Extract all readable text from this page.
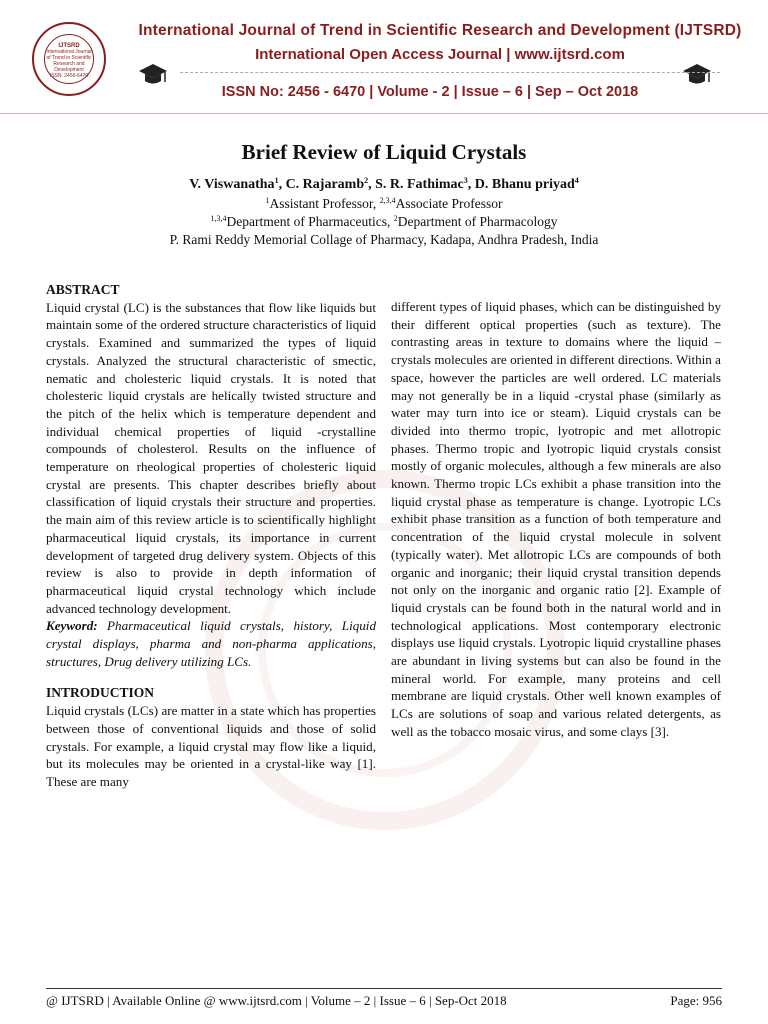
IJTSRD
International Journal of Trend in Scientific Research and Development
ISSN: 2456-6470
International Journal of Trend in Scientific Research and Development (IJTSRD)
International Open Access Journal | www.ijtsrd.com
ISSN No: 2456 - 6470 | Volume - 2 | Issue – 6 | Sep – Oct 2018
Brief Review of Liquid Crystals
V. Viswanatha$^1$, C. Rajaramb$^2$, S. R. Fathimac$^3$, D. Bhanu priyad$^4$
$^1$Assistant Professor, $^{2,3,4}$Associate Professor
$^{1,3,4}$Department of Pharmaceutics, $^2$Department of Pharmacology
P. Rami Reddy Memorial Collage of Pharmacy, Kadapa, Andhra Pradesh, India

ABSTRACT

Liquid crystal (LC) is the substances that flow like liquids but maintain some of the ordered structure characteristics of liquid crystals. Examined and summarized the types of liquid crystals. Analyzed the structural characteristic of smectic, nematic and cholesteric liquid crystals. It is noted that cholesteric liquid crystals are helically twisted structure and the pitch of the helix which is temperature dependent and individual chemical properties of liquid -crystalline compounds of cholesterol. Results on the influence of temperature on rheological properties of cholesteric liquid crystal are presents. This chapter describes briefly about classification of liquid crystals their structure and properties. the main aim of this review article is to scientifically highlight pharmaceutical liquid crystals, its importance in current development of targeted drug delivery system. Objects of this review is also to provide in depth information of pharmaceutical liquid crystal technology which include advanced technology development.

Keyword: Pharmaceutical liquid crystals, history, Liquid crystal displays, pharma and non-pharma applications, structures, Drug delivery utilizing LCs.

INTRODUCTION

Liquid crystals (LCs) are matter in a state which has properties between those of conventional liquids and those of solid crystals. For example, a liquid crystal may flow like a liquid, but its molecules may be oriented in a crystal-like way [1]. These are many

different types of liquid phases, which can be distinguished by their different optical properties (such as texture). The contrasting areas in texture to domains where the liquid – crystals molecules are oriented in different directions. Within a space, however the particles are well ordered. LC materials may not generally be in a liquid -crystal phase (similarly as water may turn into ice or steam). Liquid crystals can be divided into thermo tropic, lyotropic and met allotropic phases. Thermo tropic and lyotropic liquid crystals consist mostly of organic molecules, although a few minerals are also known. Thermo tropic LCs exhibit a phase transition into the liquid crystal phase as temperature is change. Lyotropic LCs exhibit phase transition as a function of both temperature and concentration of the liquid crystal molecule in solvent (typically water). Met allotropic LCs are compounds of both organic and inorganic; their liquid crystal transition depends not only on the inorganic and organic ratio [2]. Example of liquid crystals can be found both in the natural world and in technological applications. Most contemporary electronic displays use liquid crystals. Lyotropic liquid crystalline phases are abundant in living systems but can also be found in the mineral world. For example, many proteins and cell membrane are liquid crystals. Other well known examples of LCs are solutions of soap and various related detergents, as well as the tobacco mosaic virus, and some clays [3].

@ IJTSRD | Available Online @ www.ijtsrd.com | Volume – 2 | Issue – 6 | Sep-Oct 2018	Page: 956
